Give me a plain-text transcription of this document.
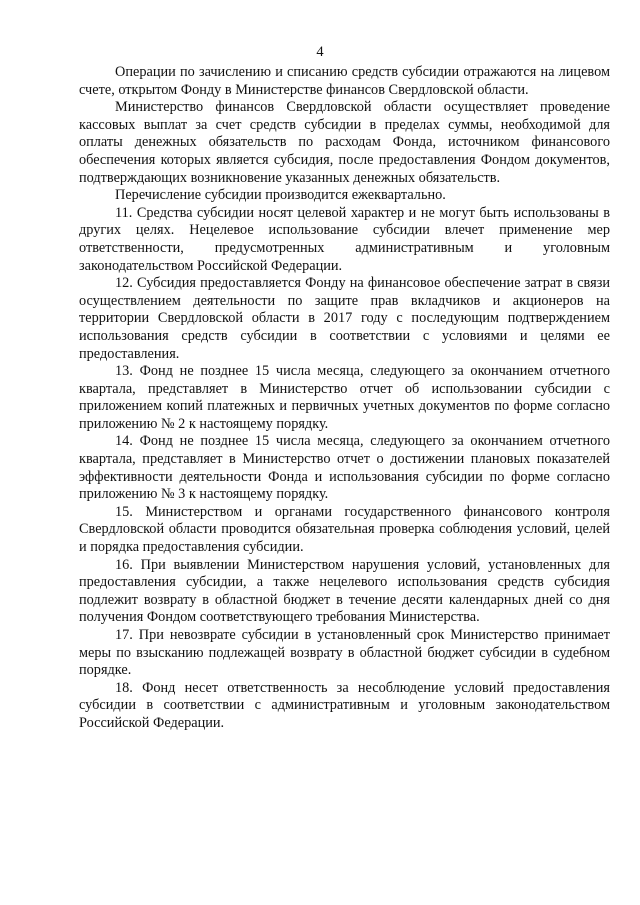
4

Операции по зачислению и списанию средств субсидии отражаются на лицевом счете, открытом Фонду в Министерстве финансов Свердловской области.

Министерство финансов Свердловской области осуществляет проведение кассовых выплат за счет средств субсидии в пределах суммы, необходимой для оплаты денежных обязательств по расходам Фонда, источником финансового обеспечения которых является субсидия, после предоставления Фондом документов, подтверждающих возникновение указанных денежных обязательств.

Перечисление субсидии производится ежеквартально.

11. Средства субсидии носят целевой характер и не могут быть использованы в других целях. Нецелевое использование субсидии влечет применение мер ответственности, предусмотренных административным и уголовным законодательством Российской Федерации.

12. Субсидия предоставляется Фонду на финансовое обеспечение затрат в связи осуществлением деятельности по защите прав вкладчиков и акционеров на территории Свердловской области в 2017 году с последующим подтверждением использования средств субсидии в соответствии с условиями и целями ее предоставления.

13. Фонд не позднее 15 числа месяца, следующего за окончанием отчетного квартала, представляет в Министерство отчет об использовании субсидии с приложением копий платежных и первичных учетных документов по форме согласно приложению № 2 к настоящему порядку.

14. Фонд не позднее 15 числа месяца, следующего за окончанием отчетного квартала, представляет в Министерство отчет о достижении плановых показателей эффективности деятельности Фонда и использования субсидии по форме согласно приложению № 3 к настоящему порядку.

15. Министерством и органами государственного финансового контроля Свердловской области проводится обязательная проверка соблюдения условий, целей и порядка предоставления субсидии.

16. При выявлении Министерством нарушения условий, установленных для предоставления субсидии, а также нецелевого использования средств субсидия подлежит возврату в областной бюджет в течение десяти календарных дней со дня получения Фондом соответствующего требования Министерства.

17. При невозврате субсидии в установленный срок Министерство принимает меры по взысканию подлежащей возврату в областной бюджет субсидии в судебном порядке.

18. Фонд несет ответственность за несоблюдение условий предоставления субсидии в соответствии с административным и уголовным законодательством Российской Федерации.
